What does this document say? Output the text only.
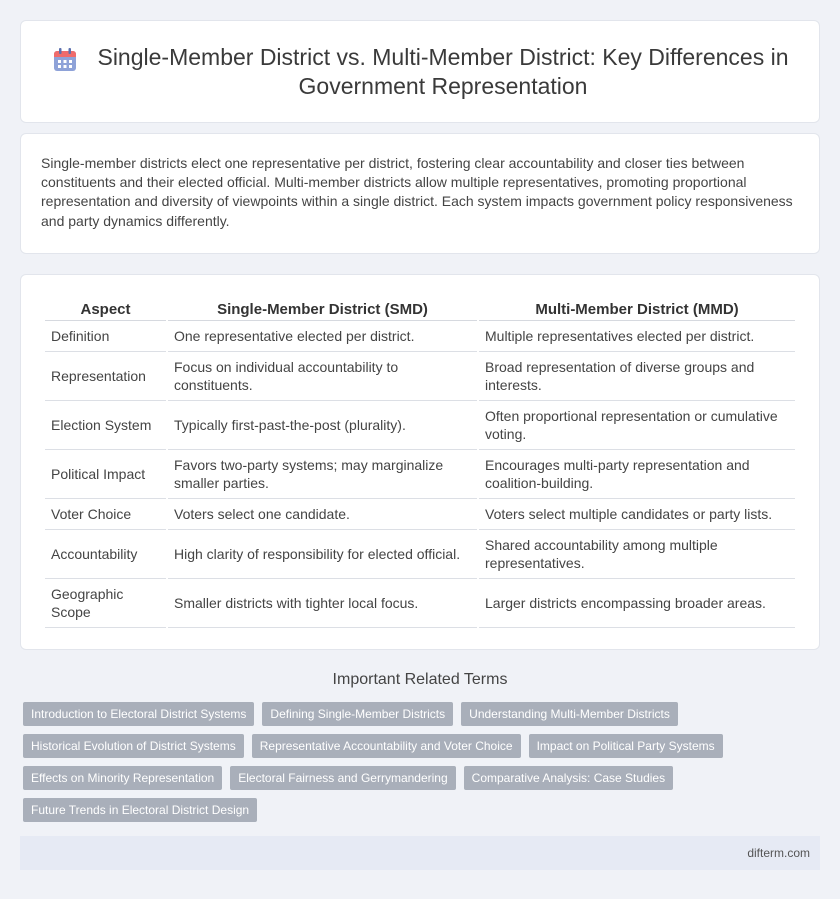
Single-Member District vs. Multi-Member District: Key Differences in Government Representation

Single-member districts elect one representative per district, fostering clear accountability and closer ties between constituents and their elected official. Multi-member districts allow multiple representatives, promoting proportional representation and diversity of viewpoints within a single district. Each system impacts government policy responsiveness and party dynamics differently.

Aspect	Single-Member District (SMD)	Multi-Member District (MMD)
Definition	One representative elected per district.	Multiple representatives elected per district.
Representation	Focus on individual accountability to constituents.	Broad representation of diverse groups and interests.
Election System	Typically first-past-the-post (plurality).	Often proportional representation or cumulative voting.
Political Impact	Favors two-party systems; may marginalize smaller parties.	Encourages multi-party representation and coalition-building.
Voter Choice	Voters select one candidate.	Voters select multiple candidates or party lists.
Accountability	High clarity of responsibility for elected official.	Shared accountability among multiple representatives.
Geographic Scope	Smaller districts with tighter local focus.	Larger districts encompassing broader areas.
Important Related Terms
Introduction to Electoral District Systems	Defining Single-Member Districts	Understanding Multi-Member Districts
Historical Evolution of District Systems	Representative Accountability and Voter Choice	Impact on Political Party Systems
Effects on Minority Representation	Electoral Fairness and Gerrymandering	Comparative Analysis: Case Studies
Future Trends in Electoral District Design
difterm.com
